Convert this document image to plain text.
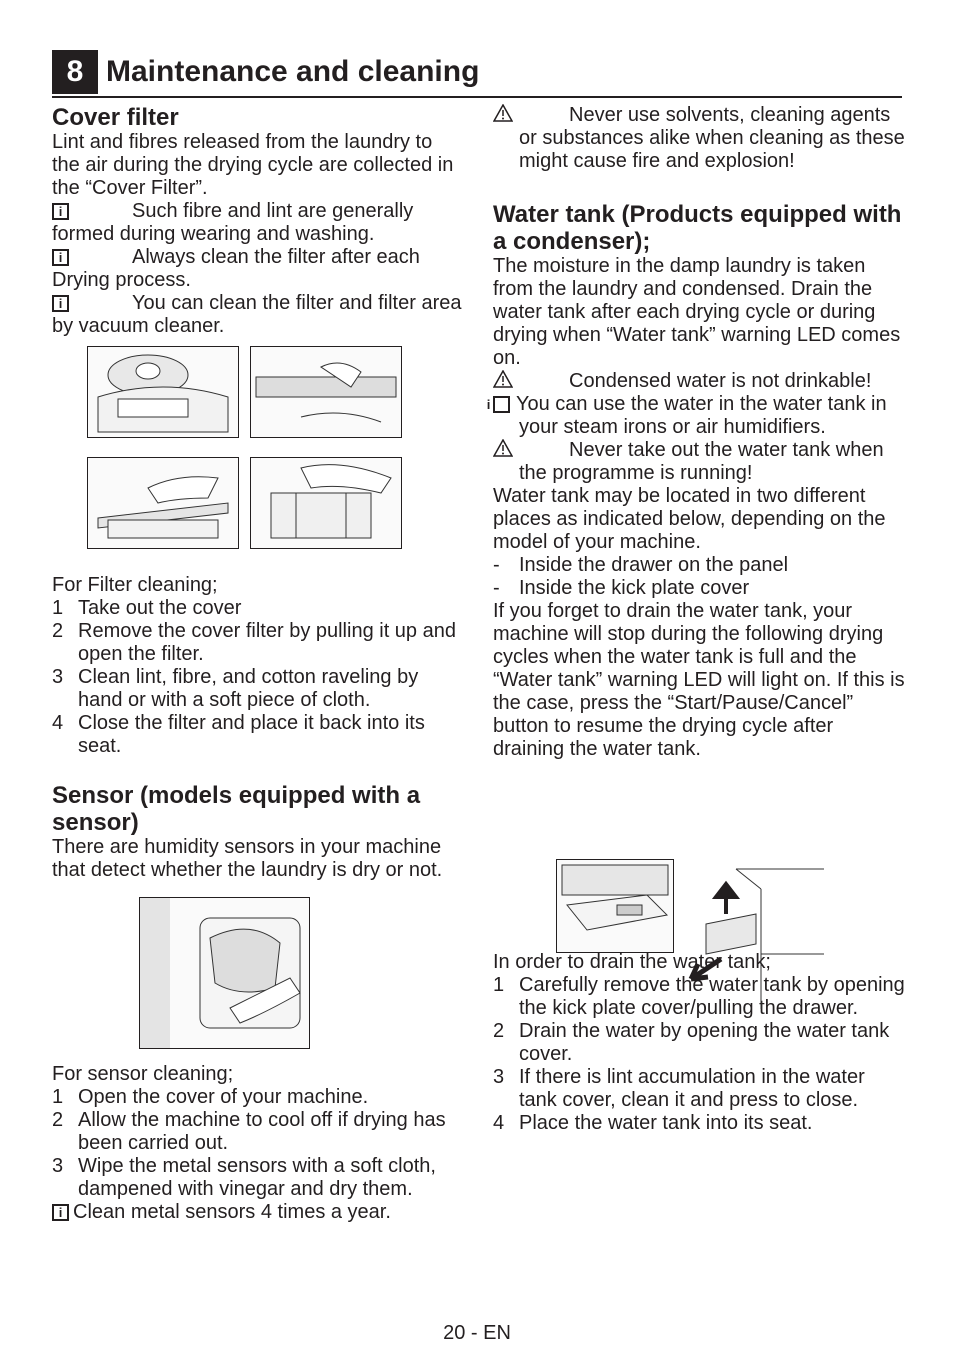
8 Maintenance and cleaning
Cover filter

Lint and fibres released from the laundry to the air during the drying cycle are collected in the “Cover Filter”.

i	Such fibre and lint are generally formed during wearing and washing.

i	Always clean the filter after each Drying process.

i	You can clean the filter and filter area by vacuum cleaner.

For Filter cleaning;

1 Take out the cover
2 Remove the cover filter by pulling it up and open the filter.
3 Clean lint, fibre, and cotton raveling by hand or with a soft piece of cloth.
4 Close the filter and place it back into its seat.
Sensor (models equipped with a sensor)

There are humidity sensors in your machine that detect whether the laundry is dry or not.

For sensor cleaning;

1 Open the cover of your machine.
2 Allow the machine to cool off if drying has been carried out.
3 Wipe the metal sensors with a soft cloth, dampened with vinegar and dry them.

i Clean metal sensors 4 times a year.

Never use solvents, cleaning agents or substances alike when cleaning as these might cause fire and explosion!

Water tank (Products equipped with a condenser);

The moisture in the damp laundry is taken from the laundry and condensed. Drain the water tank after each drying cycle or during drying when “Water tank” warning LED comes on.

Condensed water is not drinkable!

i You can use the water in the water tank in your steam irons or air humidifiers.

Never take out the water tank when the programme is running!

Water tank may be located in two different places as indicated below, depending on the model of your machine.

- Inside the drawer on the panel
- Inside the kick plate cover

If you forget to drain the water tank, your machine will stop during the following drying cycles when the water tank is full and the “Water tank” warning LED will light on. If this is the case, press the “Start/Pause/Cancel” button to resume the drying cycle after draining the water tank.

In order to drain the water tank;

1 Carefully remove the water tank by opening the kick plate cover/pulling the drawer.
2 Drain the water by opening the water tank cover.
3 If there is lint accumulation in the water tank cover, clean it and press to close.
4 Place the water tank into its seat.
20 - EN
